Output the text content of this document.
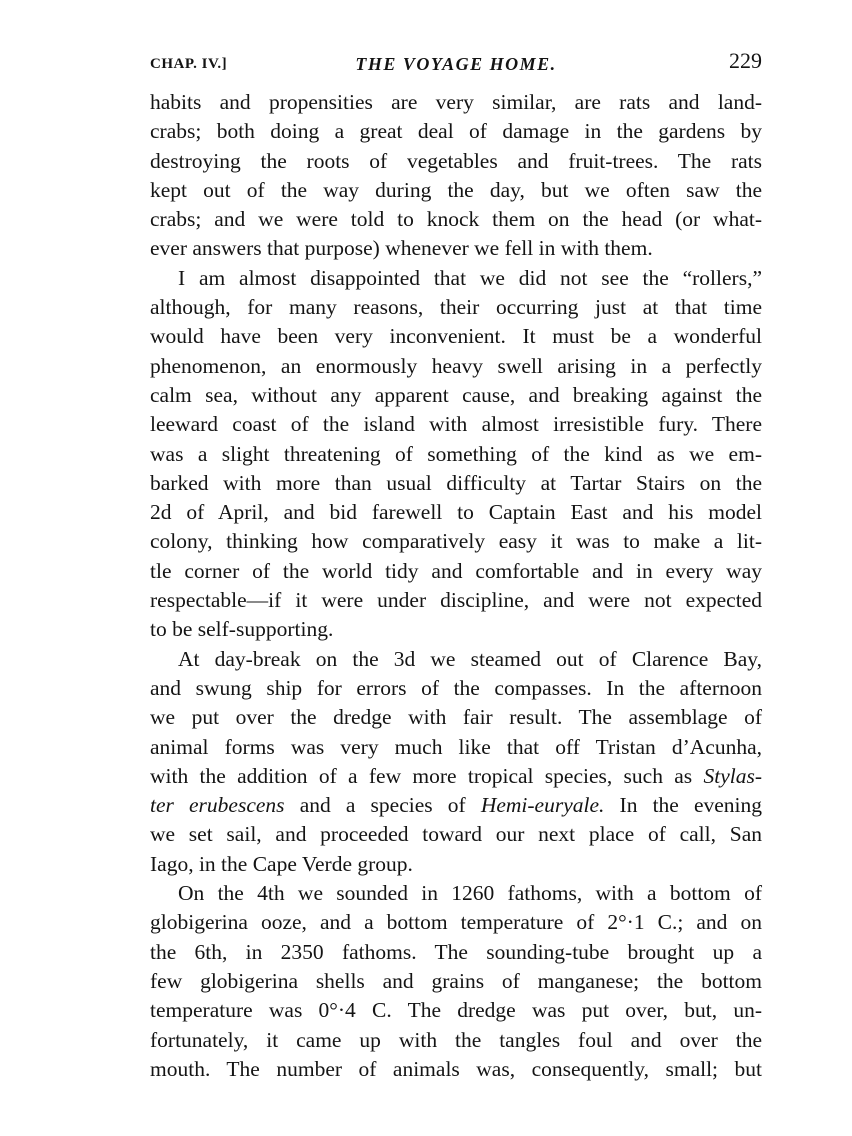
CHAP. IV.]	THE VOYAGE HOME.	229
habits and propensities are very similar, are rats and land-
crabs; both doing a great deal of damage in the gardens by
destroying the roots of vegetables and fruit-trees. The rats
kept out of the way during the day, but we often saw the
crabs; and we were told to knock them on the head (or what-
ever answers that purpose) whenever we fell in with them.
I am almost disappointed that we did not see the “rollers,”
although, for many reasons, their occurring just at that time
would have been very inconvenient. It must be a wonderful
phenomenon, an enormously heavy swell arising in a perfectly
calm sea, without any apparent cause, and breaking against the
leeward coast of the island with almost irresistible fury. There
was a slight threatening of something of the kind as we em-
barked with more than usual difficulty at Tartar Stairs on the
2d of April, and bid farewell to Captain East and his model
colony, thinking how comparatively easy it was to make a lit-
tle corner of the world tidy and comfortable and in every way
respectable—if it were under discipline, and were not expected
to be self-supporting.
At day-break on the 3d we steamed out of Clarence Bay,
and swung ship for errors of the compasses. In the afternoon
we put over the dredge with fair result. The assemblage of
animal forms was very much like that off Tristan d’Acunha,
with the addition of a few more tropical species, such as Stylas-
ter erubescens and a species of Hemi-euryale. In the evening
we set sail, and proceeded toward our next place of call, San
Iago, in the Cape Verde group.
On the 4th we sounded in 1260 fathoms, with a bottom of
globigerina ooze, and a bottom temperature of 2°·1 C.; and on
the 6th, in 2350 fathoms. The sounding-tube brought up a
few globigerina shells and grains of manganese; the bottom
temperature was 0°·4 C. The dredge was put over, but, un-
fortunately, it came up with the tangles foul and over the
mouth. The number of animals was, consequently, small; but
